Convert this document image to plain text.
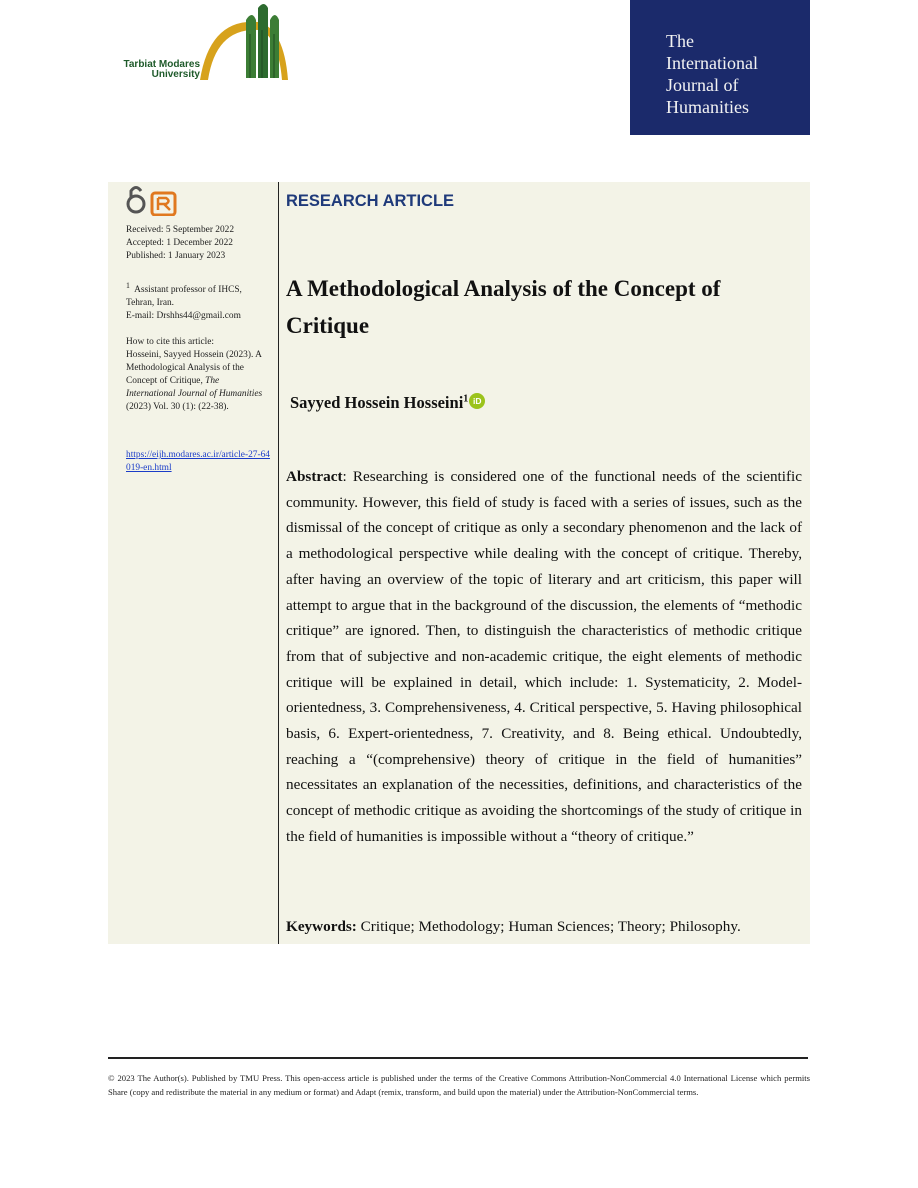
Tarbiat Modares
University
The
International
Journal of
Humanities
Received: 5 September 2022
Accepted: 1 December 2022
Published: 1 January 2023
$^1$ Assistant professor of IHCS, Tehran, Iran.
E-mail: Drshhs44@gmail.com
How to cite this article:
Hosseini, Sayyed Hossein (2023). A Methodological Analysis of the Concept of Critique, The International Journal of Humanities (2023) Vol. 30 (1): (22-38).
https://eijh.modares.ac.ir/article-27-64019-en.html
RESEARCH ARTICLE
A Methodological Analysis of the Concept of Critique
Sayyed Hossein Hosseini$^1$ iD
Abstract: Researching is considered one of the functional needs of the scientific community. However, this field of study is faced with a series of issues, such as the dismissal of the concept of critique as only a secondary phenomenon and the lack of a methodological perspective while dealing with the concept of critique. Thereby, after having an overview of the topic of literary and art criticism, this paper will attempt to argue that in the background of the discussion, the elements of “methodic critique” are ignored. Then, to distinguish the characteristics of methodic critique from that of subjective and non-academic critique, the eight elements of methodic critique will be explained in detail, which include: 1. Systematicity, 2. Model-orientedness, 3. Comprehensiveness, 4. Critical perspective, 5. Having philosophical basis, 6. Expert-orientedness, 7. Creativity, and 8. Being ethical. Undoubtedly, reaching a “(comprehensive) theory of critique in the field of humanities” necessitates an explanation of the necessities, definitions, and characteristics of the concept of methodic critique as avoiding the shortcomings of the study of critique in the field of humanities is impossible without a “theory of critique.”
Keywords: Critique; Methodology; Human Sciences; Theory; Philosophy.
© 2023 The Author(s). Published by TMU Press. This open-access article is published under the terms of the Creative Commons Attribution-NonCommercial 4.0 International License which permits Share (copy and redistribute the material in any medium or format) and Adapt (remix, transform, and build upon the material) under the Attribution-NonCommercial terms.
